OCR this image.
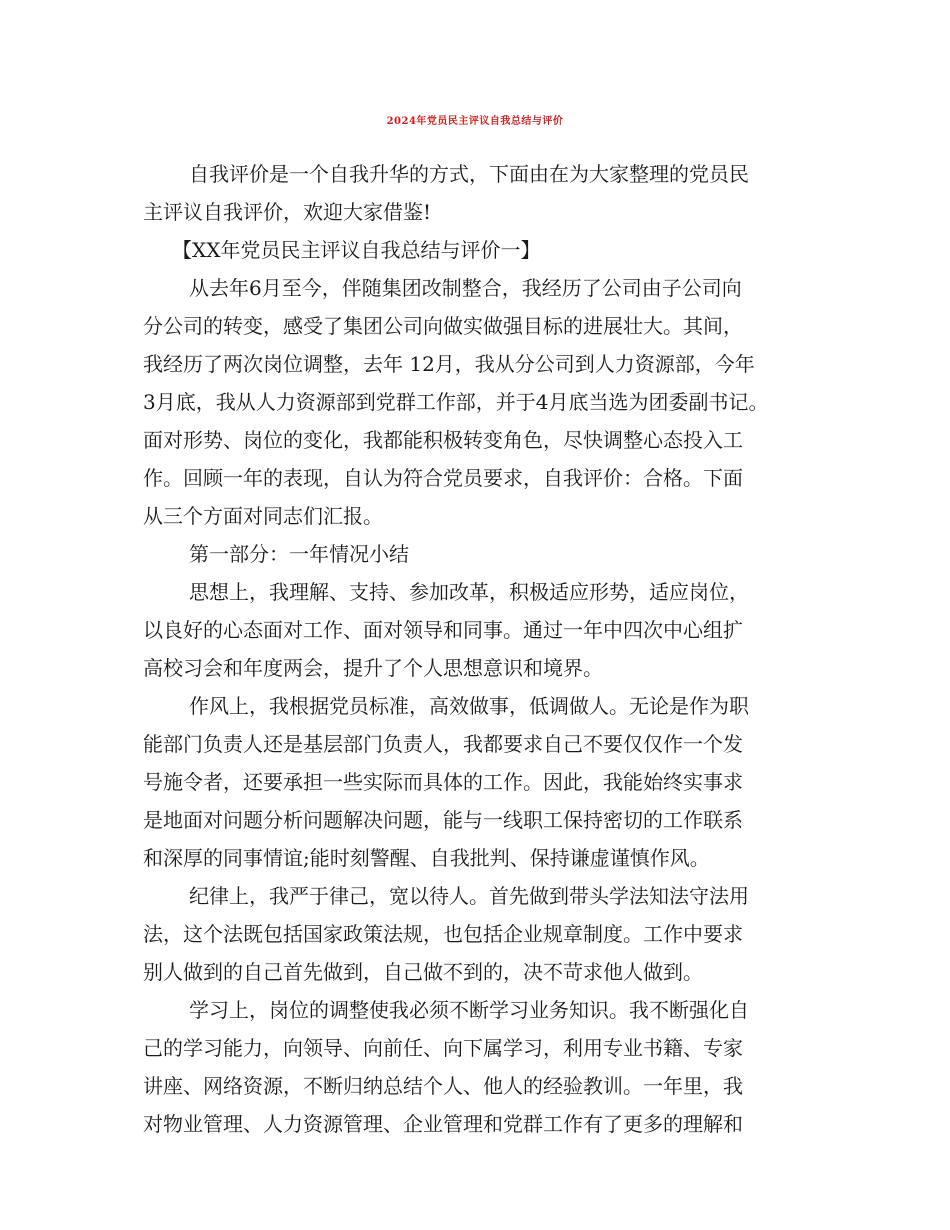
2024年党员民主评议自我总结与评价
自我评价是一个自我升华的方式，下面由在为大家整理的党员民
主评议自我评价，欢迎大家借鉴!
【XX年党员民主评议自我总结与评价一】
从去年6月至今，伴随集团改制整合，我经历了公司由子公司向
分公司的转变，感受了集团公司向做实做强目标的进展壮大。其间，
我经历了两次岗位调整，去年 12月，我从分公司到人力资源部，今年
3月底，我从人力资源部到党群工作部，并于4月底当选为团委副书记。
面对形势、岗位的变化，我都能积极转变角色，尽快调整心态投入工
作。回顾一年的表现，自认为符合党员要求，自我评价：合格。下面
从三个方面对同志们汇报。
第一部分：一年情况小结
思想上，我理解、支持、参加改革，积极适应形势，适应岗位，
以良好的心态面对工作、面对领导和同事。通过一年中四次中心组扩
高校习会和年度两会，提升了个人思想意识和境界。
作风上，我根据党员标准，高效做事，低调做人。无论是作为职
能部门负责人还是基层部门负责人，我都要求自己不要仅仅作一个发
号施令者，还要承担一些实际而具体的工作。因此，我能始终实事求
是地面对问题分析问题解决问题，能与一线职工保持密切的工作联系
和深厚的同事情谊;能时刻警醒、自我批判、保持谦虚谨慎作风。
纪律上，我严于律己，宽以待人。首先做到带头学法知法守法用
法，这个法既包括国家政策法规，也包括企业规章制度。工作中要求
别人做到的自己首先做到，自己做不到的，决不苛求他人做到。
学习上，岗位的调整使我必须不断学习业务知识。我不断强化自
己的学习能力，向领导、向前任、向下属学习，利用专业书籍、专家
讲座、网络资源，不断归纳总结个人、他人的经验教训。一年里，我
对物业管理、人力资源管理、企业管理和党群工作有了更多的理解和
